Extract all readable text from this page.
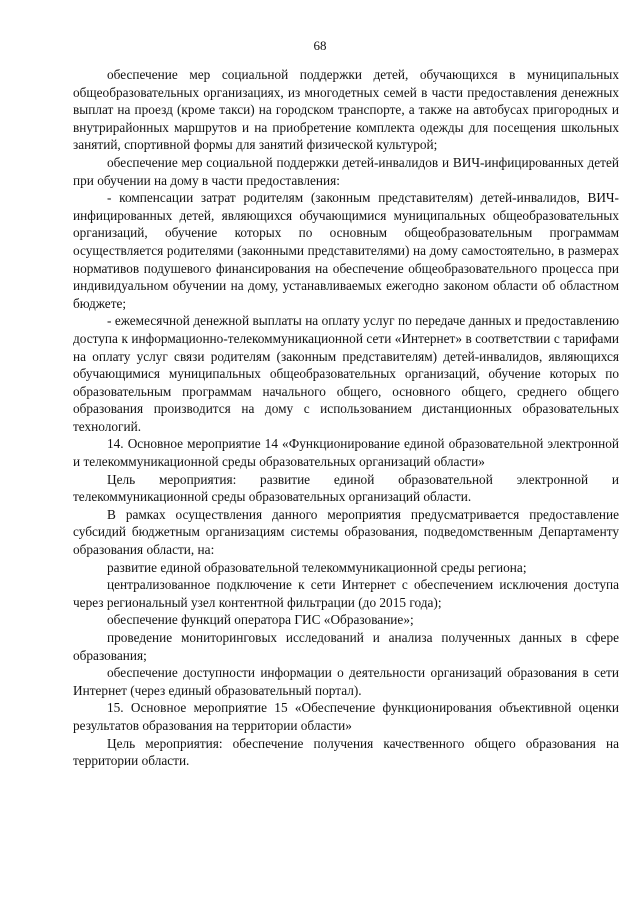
68

обеспечение мер социальной поддержки детей, обучающихся в муниципальных общеобразовательных организациях, из многодетных семей в части предоставления денежных выплат на проезд (кроме такси) на городском транспорте, а также на автобусах пригородных и внутрирайонных маршрутов и на приобретение комплекта одежды для посещения школьных занятий, спортивной формы для занятий физической культурой;

обеспечение мер социальной поддержки детей-инвалидов и ВИЧ-инфицированных детей при обучении на дому в части предоставления:

- компенсации затрат родителям (законным представителям) детей-инвалидов, ВИЧ-инфицированных детей, являющихся обучающимися муниципальных общеобразовательных организаций, обучение которых по основным общеобразовательным программам осуществляется родителями (законными представителями) на дому самостоятельно, в размерах нормативов подушевого финансирования на обеспечение общеобразовательного процесса при индивидуальном обучении на дому, устанавливаемых ежегодно законом области об областном бюджете;

- ежемесячной денежной выплаты на оплату услуг по передаче данных и предоставлению доступа к информационно-телекоммуникационной сети «Интернет» в соответствии с тарифами на оплату услуг связи родителям (законным представителям) детей-инвалидов, являющихся обучающимися муниципальных общеобразовательных организаций, обучение которых по образовательным программам начального общего, основного общего, среднего общего образования производится на дому с использованием дистанционных образовательных технологий.

14. Основное мероприятие 14 «Функционирование единой образовательной электронной и телекоммуникационной среды образовательных организаций области»

Цель мероприятия: развитие единой образовательной электронной и телекоммуникационной среды образовательных организаций области.

В рамках осуществления данного мероприятия предусматривается предоставление субсидий бюджетным организациям системы образования, подведомственным Департаменту образования области, на:

развитие единой образовательной телекоммуникационной среды региона;

централизованное подключение к сети Интернет с обеспечением исключения доступа через региональный узел контентной фильтрации (до 2015 года);

обеспечение функций оператора ГИС «Образование»;

проведение мониторинговых исследований и анализа полученных данных в сфере образования;

обеспечение доступности информации о деятельности организаций образования в сети Интернет (через единый образовательный портал).

15. Основное мероприятие 15 «Обеспечение функционирования объективной оценки результатов образования на территории области»

Цель мероприятия: обеспечение получения качественного общего образования на территории области.
